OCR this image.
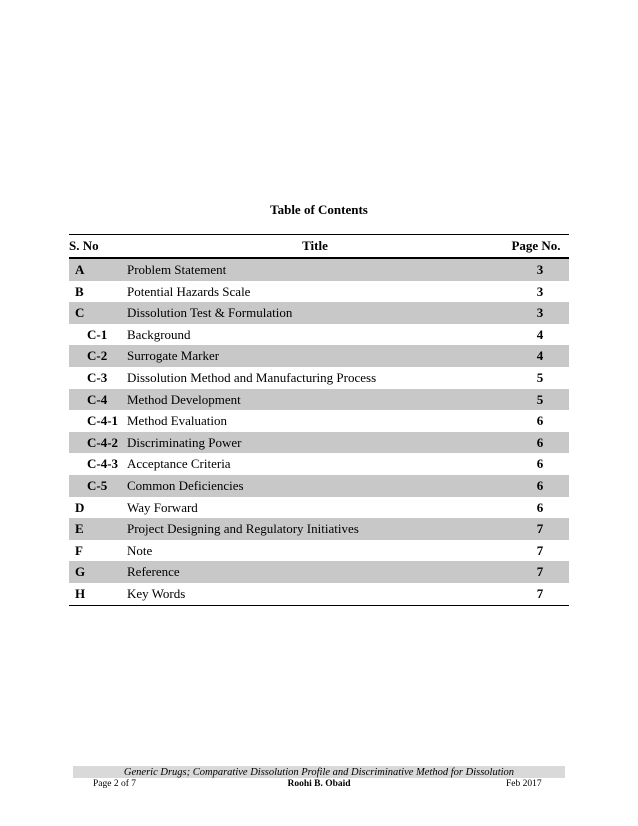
Table of Contents
S. No	Title	Page No.
A	Problem Statement	3
B	Potential Hazards Scale	3
C	Dissolution Test & Formulation	3
C-1	Background	4
C-2	Surrogate Marker	4
C-3	Dissolution Method and Manufacturing Process	5
C-4	Method Development	5
C-4-1	Method Evaluation	6
C-4-2	Discriminating Power	6
C-4-3	Acceptance Criteria	6
C-5	Common Deficiencies	6
D	Way Forward	6
E	Project Designing and Regulatory Initiatives	7
F	Note	7
G	Reference	7
H	Key Words	7
Generic Drugs; Comparative Dissolution Profile and Discriminative Method for Dissolution
Page 2 of 7	Roohi B. Obaid	Feb 2017
